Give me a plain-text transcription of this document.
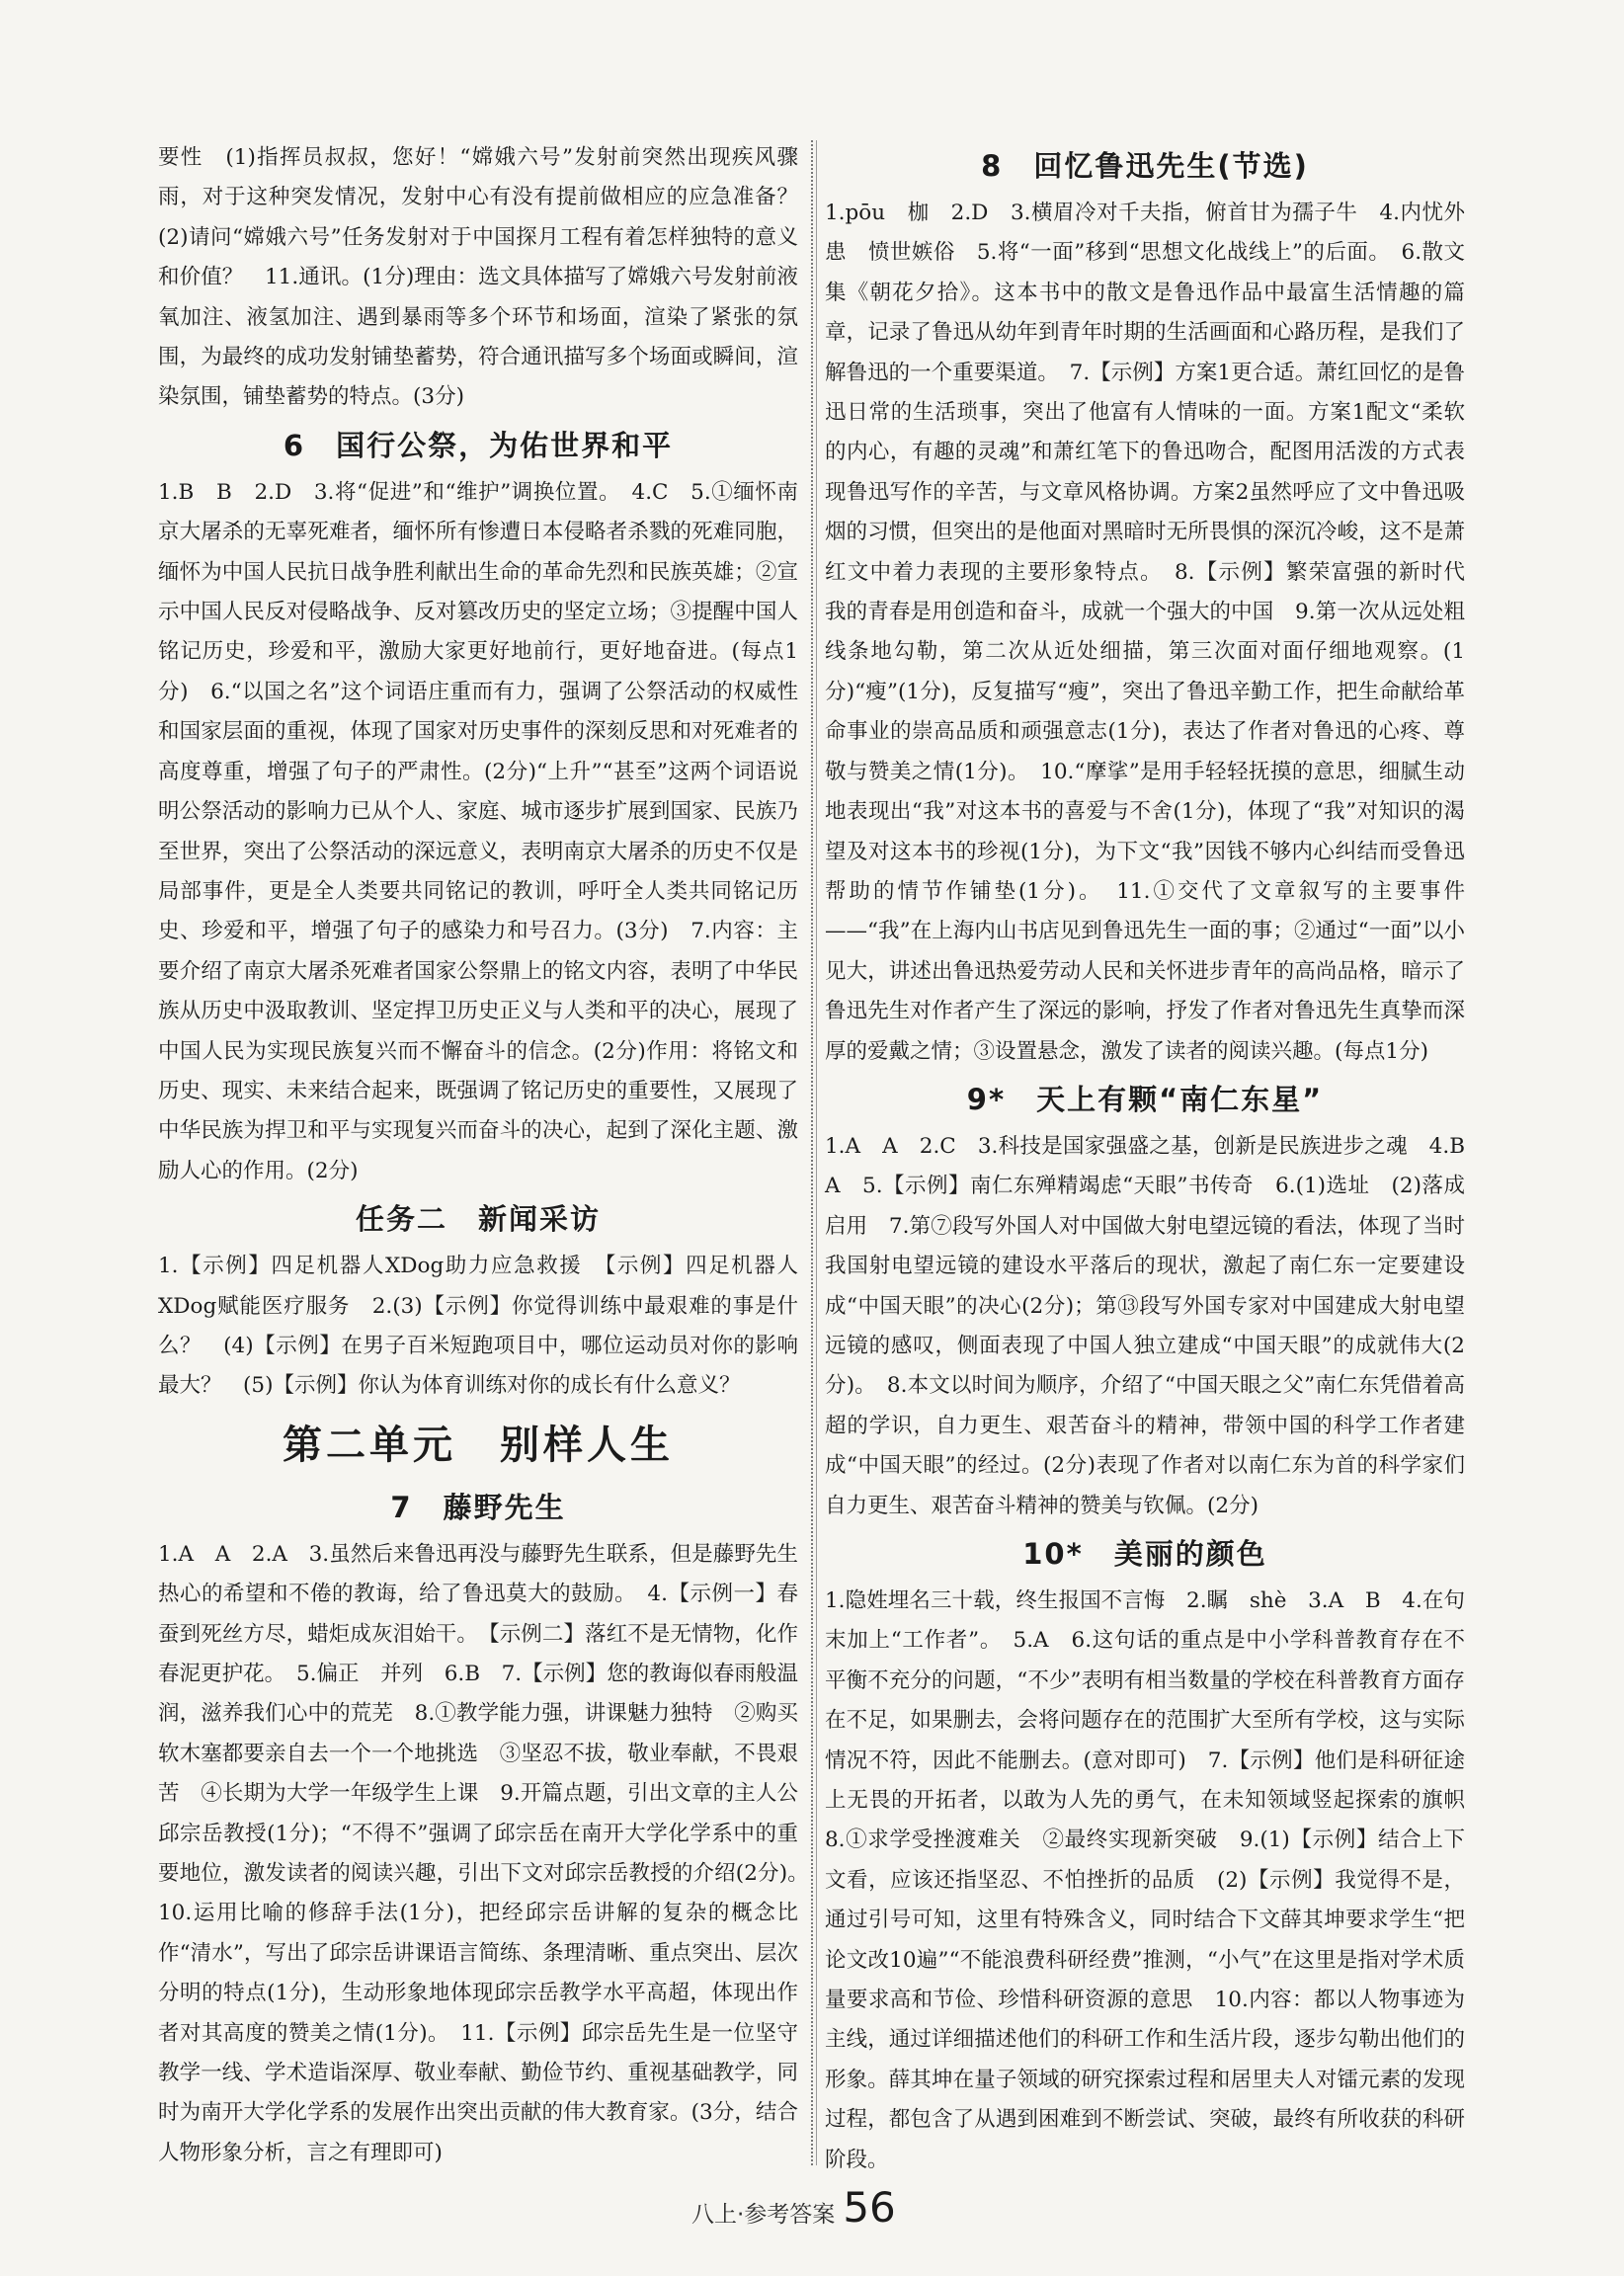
要性　(1)指挥员叔叔，您好！“嫦娥六号”发射前突然出现疾风骤雨，对于这种突发情况，发射中心有没有提前做相应的应急准备？　(2)请问“嫦娥六号”任务发射对于中国探月工程有着怎样独特的意义和价值？　11.通讯。(1分)理由：选文具体描写了嫦娥六号发射前液氧加注、液氢加注、遇到暴雨等多个环节和场面，渲染了紧张的氛围，为最终的成功发射铺垫蓄势，符合通讯描写多个场面或瞬间，渲染氛围，铺垫蓄势的特点。(3分)

6　国行公祭，为佑世界和平

1.B　B　2.D　3.将“促进”和“维护”调换位置。　4.C　5.①缅怀南京大屠杀的无辜死难者，缅怀所有惨遭日本侵略者杀戮的死难同胞，缅怀为中国人民抗日战争胜利献出生命的革命先烈和民族英雄；②宣示中国人民反对侵略战争、反对篡改历史的坚定立场；③提醒中国人铭记历史，珍爱和平，激励大家更好地前行，更好地奋进。(每点1分)　6.“以国之名”这个词语庄重而有力，强调了公祭活动的权威性和国家层面的重视，体现了国家对历史事件的深刻反思和对死难者的高度尊重，增强了句子的严肃性。(2分)“上升”“甚至”这两个词语说明公祭活动的影响力已从个人、家庭、城市逐步扩展到国家、民族乃至世界，突出了公祭活动的深远意义，表明南京大屠杀的历史不仅是局部事件，更是全人类要共同铭记的教训，呼吁全人类共同铭记历史、珍爱和平，增强了句子的感染力和号召力。(3分)　7.内容：主要介绍了南京大屠杀死难者国家公祭鼎上的铭文内容，表明了中华民族从历史中汲取教训、坚定捍卫历史正义与人类和平的决心，展现了中国人民为实现民族复兴而不懈奋斗的信念。(2分)作用：将铭文和历史、现实、未来结合起来，既强调了铭记历史的重要性，又展现了中华民族为捍卫和平与实现复兴而奋斗的决心，起到了深化主题、激励人心的作用。(2分)

任务二　新闻采访

1.【示例】四足机器人XDog助力应急救援　【示例】四足机器人XDog赋能医疗服务　2.(3)【示例】你觉得训练中最艰难的事是什么？　(4)【示例】在男子百米短跑项目中，哪位运动员对你的影响最大？　(5)【示例】你认为体育训练对你的成长有什么意义？

第二单元　别样人生
7　藤野先生

1.A　A　2.A　3.虽然后来鲁迅再没与藤野先生联系，但是藤野先生热心的希望和不倦的教诲，给了鲁迅莫大的鼓励。　4.【示例一】春蚕到死丝方尽，蜡炬成灰泪始干。　【示例二】落红不是无情物，化作春泥更护花。　5.偏正　并列　6.B　7.【示例】您的教诲似春雨般温润，滋养我们心中的荒芜　8.①教学能力强，讲课魅力独特　②购买软木塞都要亲自去一个一个地挑选　③坚忍不拔，敬业奉献，不畏艰苦　④长期为大学一年级学生上课　9.开篇点题，引出文章的主人公邱宗岳教授(1分)；“不得不”强调了邱宗岳在南开大学化学系中的重要地位，激发读者的阅读兴趣，引出下文对邱宗岳教授的介绍(2分)。　10.运用比喻的修辞手法(1分)，把经邱宗岳讲解的复杂的概念比作“清水”，写出了邱宗岳讲课语言简练、条理清晰、重点突出、层次分明的特点(1分)，生动形象地体现邱宗岳教学水平高超，体现出作者对其高度的赞美之情(1分)。　11.【示例】邱宗岳先生是一位坚守教学一线、学术造诣深厚、敬业奉献、勤俭节约、重视基础教学，同时为南开大学化学系的发展作出突出贡献的伟大教育家。(3分，结合人物形象分析，言之有理即可)

8　回忆鲁迅先生(节选)

1.pōu　枷　2.D　3.横眉冷对千夫指，俯首甘为孺子牛　4.内忧外患　愤世嫉俗　5.将“一面”移到“思想文化战线上”的后面。　6.散文集《朝花夕拾》。这本书中的散文是鲁迅作品中最富生活情趣的篇章，记录了鲁迅从幼年到青年时期的生活画面和心路历程，是我们了解鲁迅的一个重要渠道。　7.【示例】方案1更合适。萧红回忆的是鲁迅日常的生活琐事，突出了他富有人情味的一面。方案1配文“柔软的内心，有趣的灵魂”和萧红笔下的鲁迅吻合，配图用活泼的方式表现鲁迅写作的辛苦，与文章风格协调。方案2虽然呼应了文中鲁迅吸烟的习惯，但突出的是他面对黑暗时无所畏惧的深沉冷峻，这不是萧红文中着力表现的主要形象特点。　8.【示例】繁荣富强的新时代　我的青春是用创造和奋斗，成就一个强大的中国　9.第一次从远处粗线条地勾勒，第二次从近处细描，第三次面对面仔细地观察。(1分)“瘦”(1分)，反复描写“瘦”，突出了鲁迅辛勤工作，把生命献给革命事业的崇高品质和顽强意志(1分)，表达了作者对鲁迅的心疼、尊敬与赞美之情(1分)。　10.“摩挲”是用手轻轻抚摸的意思，细腻生动地表现出“我”对这本书的喜爱与不舍(1分)，体现了“我”对知识的渴望及对这本书的珍视(1分)，为下文“我”因钱不够内心纠结而受鲁迅帮助的情节作铺垫(1分)。　11.①交代了文章叙写的主要事件——“我”在上海内山书店见到鲁迅先生一面的事；②通过“一面”以小见大，讲述出鲁迅热爱劳动人民和关怀进步青年的高尚品格，暗示了鲁迅先生对作者产生了深远的影响，抒发了作者对鲁迅先生真挚而深厚的爱戴之情；③设置悬念，激发了读者的阅读兴趣。(每点1分)

9*　天上有颗“南仁东星”

1.A　A　2.C　3.科技是国家强盛之基，创新是民族进步之魂　4.B　A　5.【示例】南仁东殚精竭虑“天眼”书传奇　6.(1)选址　(2)落成启用　7.第⑦段写外国人对中国做大射电望远镜的看法，体现了当时我国射电望远镜的建设水平落后的现状，激起了南仁东一定要建设成“中国天眼”的决心(2分)；第⑬段写外国专家对中国建成大射电望远镜的感叹，侧面表现了中国人独立建成“中国天眼”的成就伟大(2分)。　8.本文以时间为顺序，介绍了“中国天眼之父”南仁东凭借着高超的学识，自力更生、艰苦奋斗的精神，带领中国的科学工作者建成“中国天眼”的经过。(2分)表现了作者对以南仁东为首的科学家们自力更生、艰苦奋斗精神的赞美与钦佩。(2分)

10*　美丽的颜色

1.隐姓埋名三十载，终生报国不言悔　2.瞩　shè　3.A　B　4.在句末加上“工作者”。　5.A　6.这句话的重点是中小学科普教育存在不平衡不充分的问题，“不少”表明有相当数量的学校在科普教育方面存在不足，如果删去，会将问题存在的范围扩大至所有学校，这与实际情况不符，因此不能删去。(意对即可)　7.【示例】他们是科研征途上无畏的开拓者，以敢为人先的勇气，在未知领域竖起探索的旗帜　8.①求学受挫渡难关　②最终实现新突破　9.(1)【示例】结合上下文看，应该还指坚忍、不怕挫折的品质　(2)【示例】我觉得不是，通过引号可知，这里有特殊含义，同时结合下文薛其坤要求学生“把论文改10遍”“不能浪费科研经费”推测，“小气”在这里是指对学术质量要求高和节俭、珍惜科研资源的意思　10.内容：都以人物事迹为主线，通过详细描述他们的科研工作和生活片段，逐步勾勒出他们的形象。薛其坤在量子领域的研究探索过程和居里夫人对镭元素的发现过程，都包含了从遇到困难到不断尝试、突破，最终有所收获的科研阶段。

八上·参考答案 56
